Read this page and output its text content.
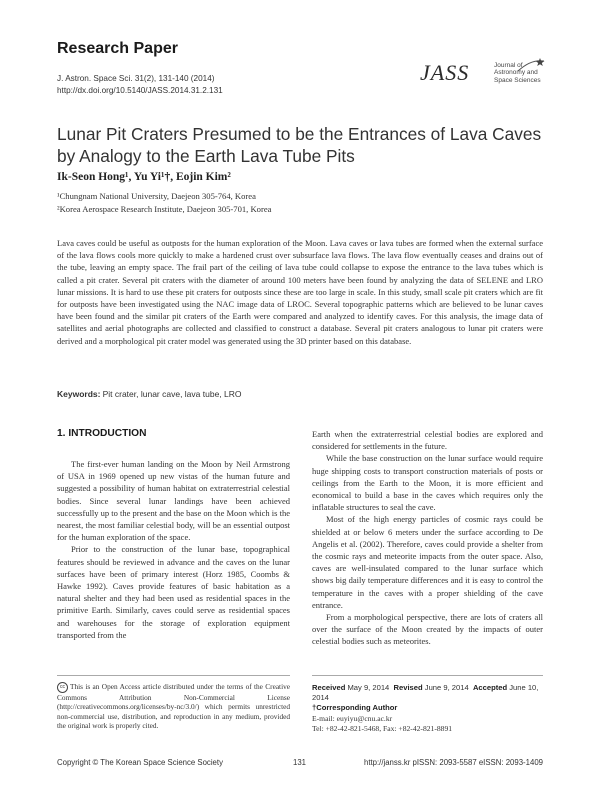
Research Paper
J. Astron. Space Sci. 31(2), 131-140 (2014)
http://dx.doi.org/10.5140/JASS.2014.31.2.131
JASS	Journal of
Astronomy and
Space Sciences
Lunar Pit Craters Presumed to be the Entrances of Lava Caves by Analogy to the Earth Lava Tube Pits
Ik-Seon Hong¹, Yu Yi¹†, Eojin Kim²
¹Chungnam National University, Daejeon 305-764, Korea
²Korea Aerospace Research Institute, Daejeon 305-701, Korea
Lava caves could be useful as outposts for the human exploration of the Moon. Lava caves or lava tubes are formed when the external surface of the lava flows cools more quickly to make a hardened crust over subsurface lava flows. The lava flow eventually ceases and drains out of the tube, leaving an empty space. The frail part of the ceiling of lava tube could collapse to expose the entrance to the lava tubes which is called a pit crater. Several pit craters with the diameter of around 100 meters have been found by analyzing the data of SELENE and LRO lunar missions. It is hard to use these pit craters for outposts since these are too large in scale. In this study, small scale pit craters which are fit for outposts have been investigated using the NAC image data of LROC. Several topographic patterns which are believed to be lunar caves have been found and the similar pit craters of the Earth were compared and analyzed to identify caves. For this analysis, the image data of satellites and aerial photographs are collected and classified to construct a database. Several pit craters analogous to lunar pit craters were derived and a morphological pit crater model was generated using the 3D printer based on this database.
Keywords: Pit crater, lunar cave, lava tube, LRO
1. INTRODUCTION

The first-ever human landing on the Moon by Neil Armstrong of USA in 1969 opened up new vistas of the human future and suggested a possibility of human habitat on extraterrestrial celestial bodies. Since several lunar landings have been achieved successfully up to the present and the base on the Moon which is the nearest, the most familiar celestial body, will be an essential outpost for the human exploration of the space.

Prior to the construction of the lunar base, topographical features should be reviewed in advance and the caves on the lunar surfaces have been of primary interest (Horz 1985, Coombs & Hawke 1992). Caves provide features of basic habitation as a natural shelter and they had been used as residential spaces in the primitive Earth. Similarly, caves could serve as residential spaces and warehouses for the storage of exploration equipment transported from the

Earth when the extraterrestrial celestial bodies are explored and considered for settlements in the future.

While the base construction on the lunar surface would require huge shipping costs to transport construction materials of posts or ceilings from the Earth to the Moon, it is more efficient and economical to build a base in the caves which requires only the inflatable structures to seal the cave.

Most of the high energy particles of cosmic rays could be shielded at or below 6 meters under the surface according to De Angelis et al. (2002). Therefore, caves could provide a shelter from the cosmic rays and meteorite impacts from the outer space. Also, caves are well-insulated compared to the lunar surface which shows big daily temperature differences and it is easy to control the temperature in the caves with a proper shielding of the cave entrance.

From a morphological perspective, there are lots of craters all over the surface of the Moon created by the impacts of outer celestial bodies such as meteorites.

cc This is an Open Access article distributed under the terms of the Creative Commons Attribution Non-Commercial License (http://creativecommons.org/licenses/by-nc/3.0/) which permits unrestricted non-commercial use, distribution, and reproduction in any medium, provided the original work is properly cited.
Received May 9, 2014 Revised June 9, 2014 Accepted June 10, 2014
†Corresponding Author
E-mail: euyiyu@cnu.ac.kr
Tel: +82-42-821-5468, Fax: +82-42-821-8891
Copyright © The Korean Space Science Society	131	http://janss.kr pISSN: 2093-5587 eISSN: 2093-1409
